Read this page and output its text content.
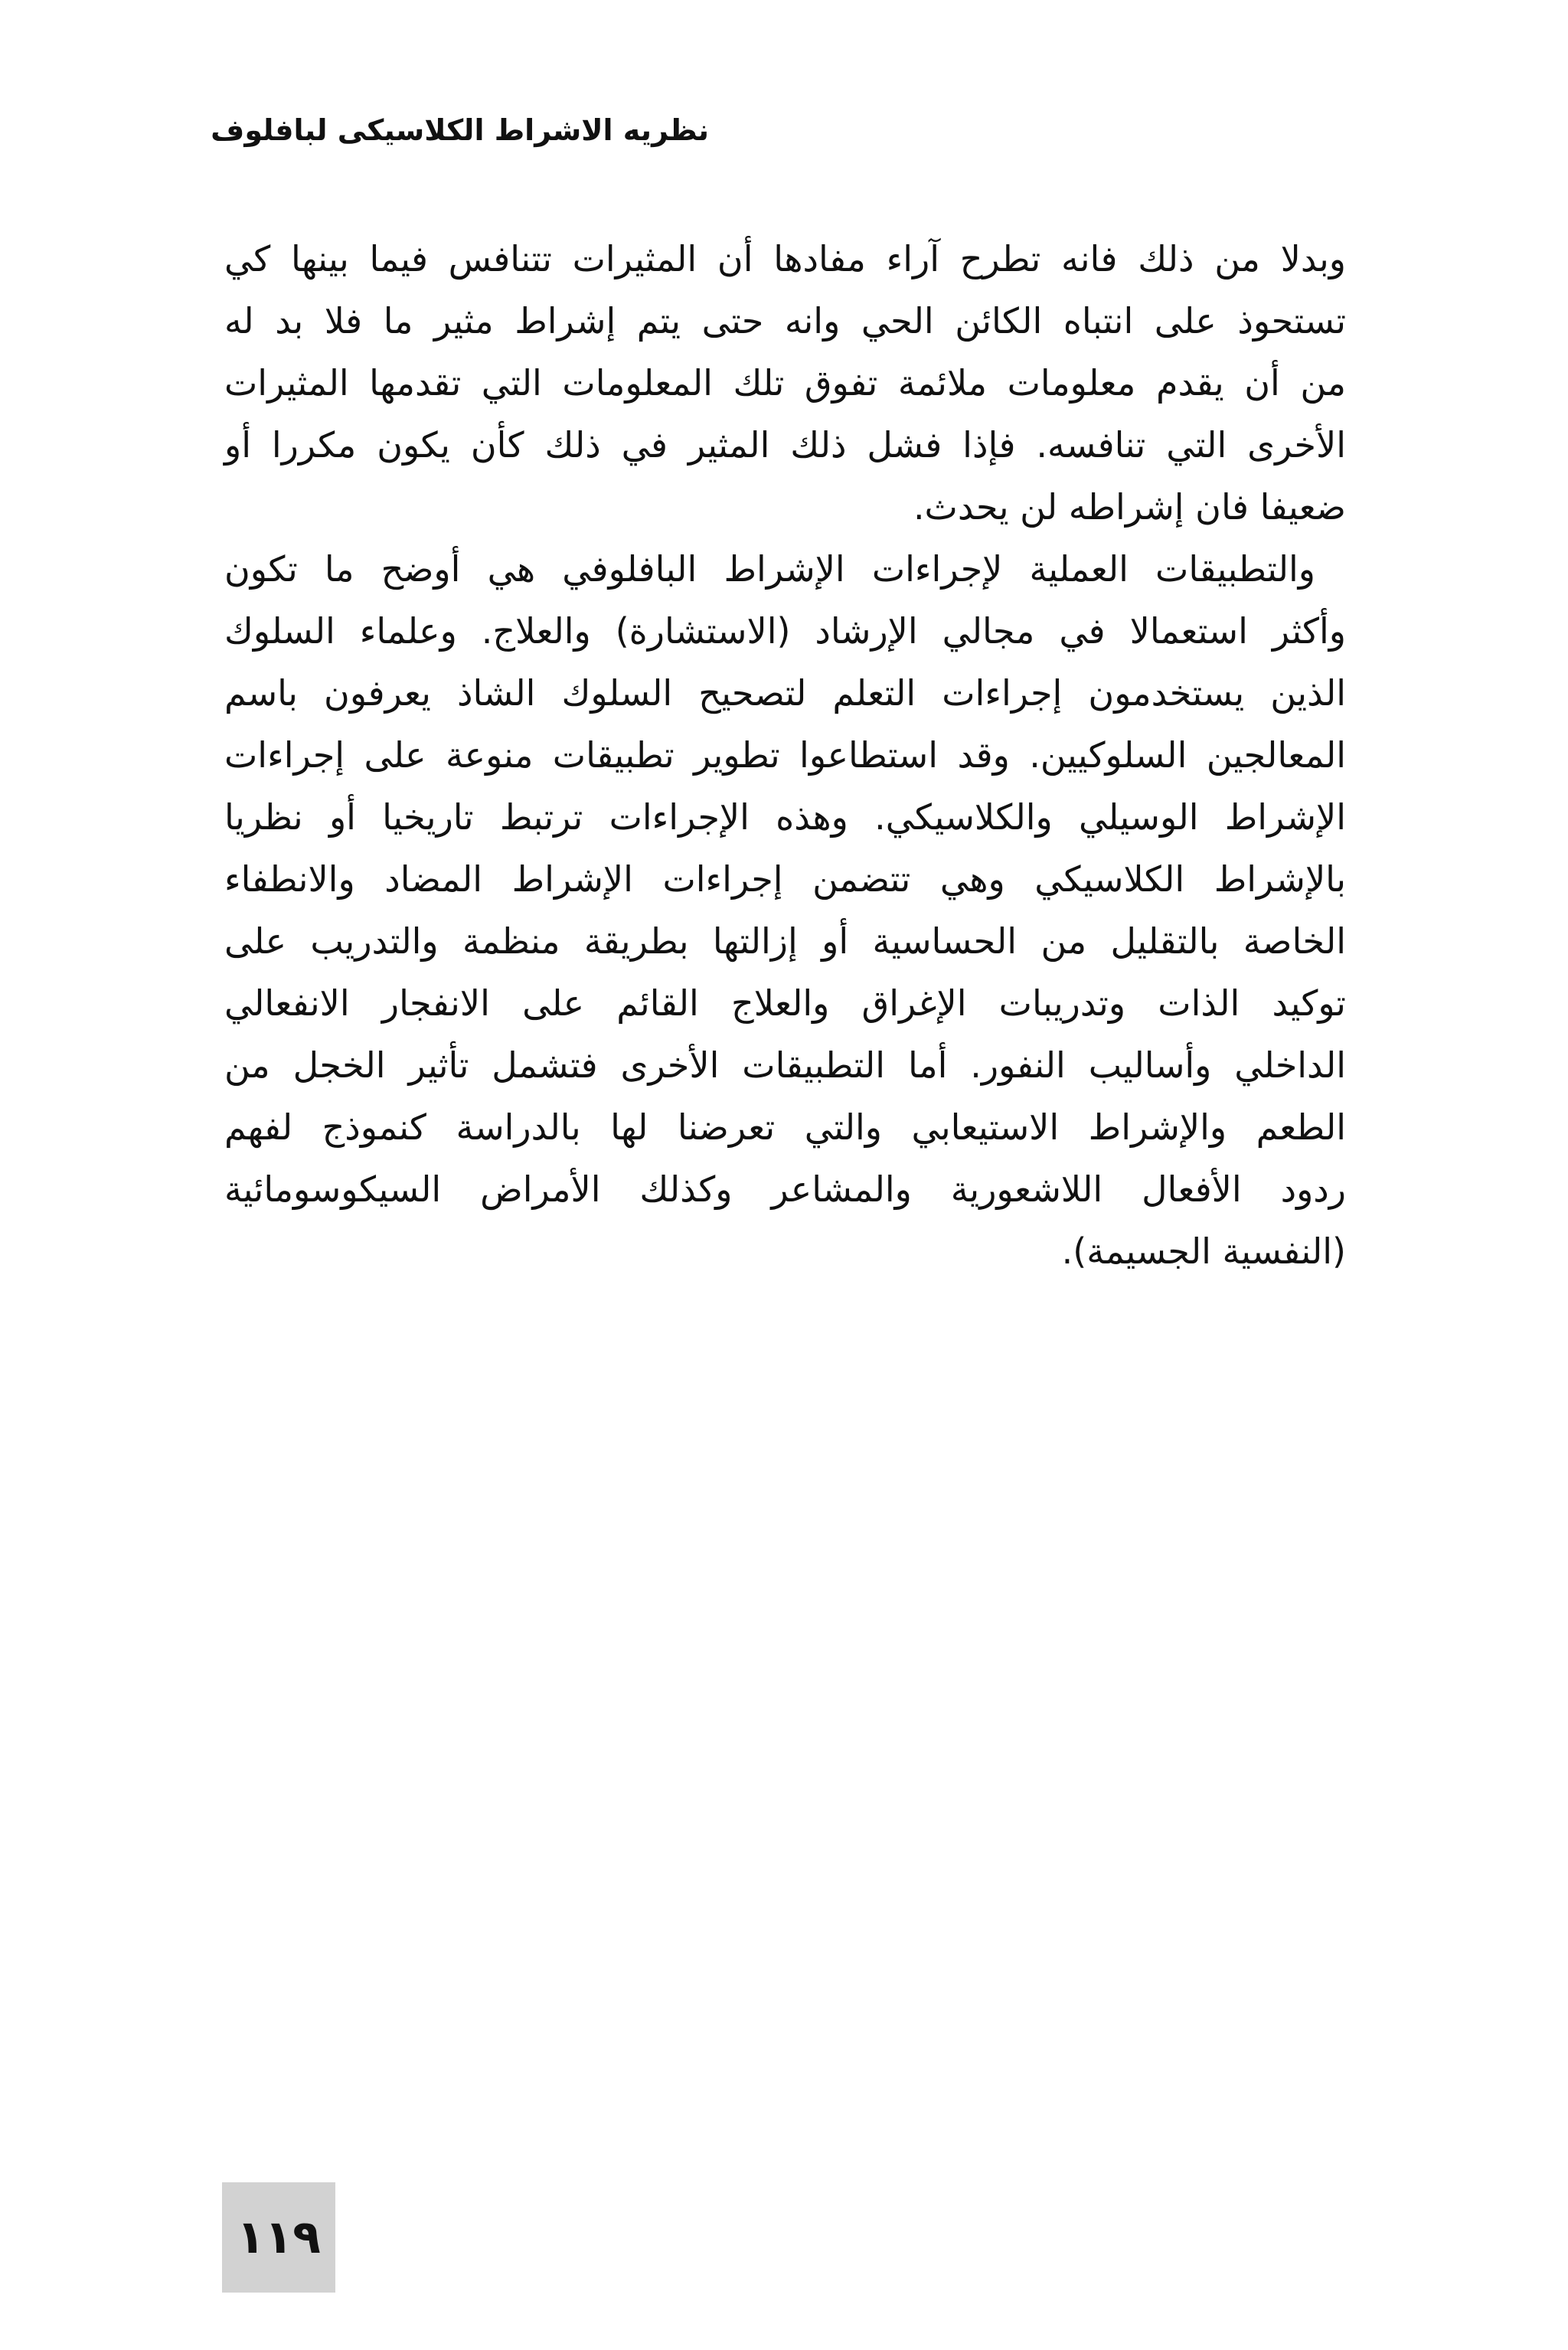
نظريه الاشراط الكلاسيكى لبافلوف
وبدلا من ذلك فانه تطرح آراء مفادها أن المثيرات تتنافس فيما بينها كي
تستحوذ على انتباه الكائن الحي وانه حتى يتم إشراط مثير ما فلا بد له
من أن يقدم معلومات ملائمة تفوق تلك المعلومات التي تقدمها المثيرات
الأخرى التي تنافسه. فإذا فشل ذلك المثير في ذلك كأن يكون مكررا أو
ضعيفا فان إشراطه لن يحدث.
والتطبيقات العملية لإجراءات الإشراط البافلوفي هي أوضح ما تكون
وأكثر استعمالا في مجالي الإرشاد (الاستشارة) والعلاج. وعلماء السلوك
الذين يستخدمون إجراءات التعلم لتصحيح السلوك الشاذ يعرفون باسم
المعالجين السلوكيين. وقد استطاعوا تطوير تطبيقات منوعة على إجراءات
الإشراط الوسيلي والكلاسيكي. وهذه الإجراءات ترتبط تاريخيا أو نظريا
بالإشراط الكلاسيكي وهي تتضمن إجراءات الإشراط المضاد والانطفاء
الخاصة بالتقليل من الحساسية أو إزالتها بطريقة منظمة والتدريب على
توكيد الذات وتدريبات الإغراق والعلاج القائم على الانفجار الانفعالي
الداخلي وأساليب النفور. أما التطبيقات الأخرى فتشمل تأثير الخجل من
الطعم والإشراط الاستيعابي والتي تعرضنا لها بالدراسة كنموذج لفهم
ردود الأفعال اللاشعورية والمشاعر وكذلك الأمراض السيكوسومائية
(النفسية الجسيمة).
١١٩
